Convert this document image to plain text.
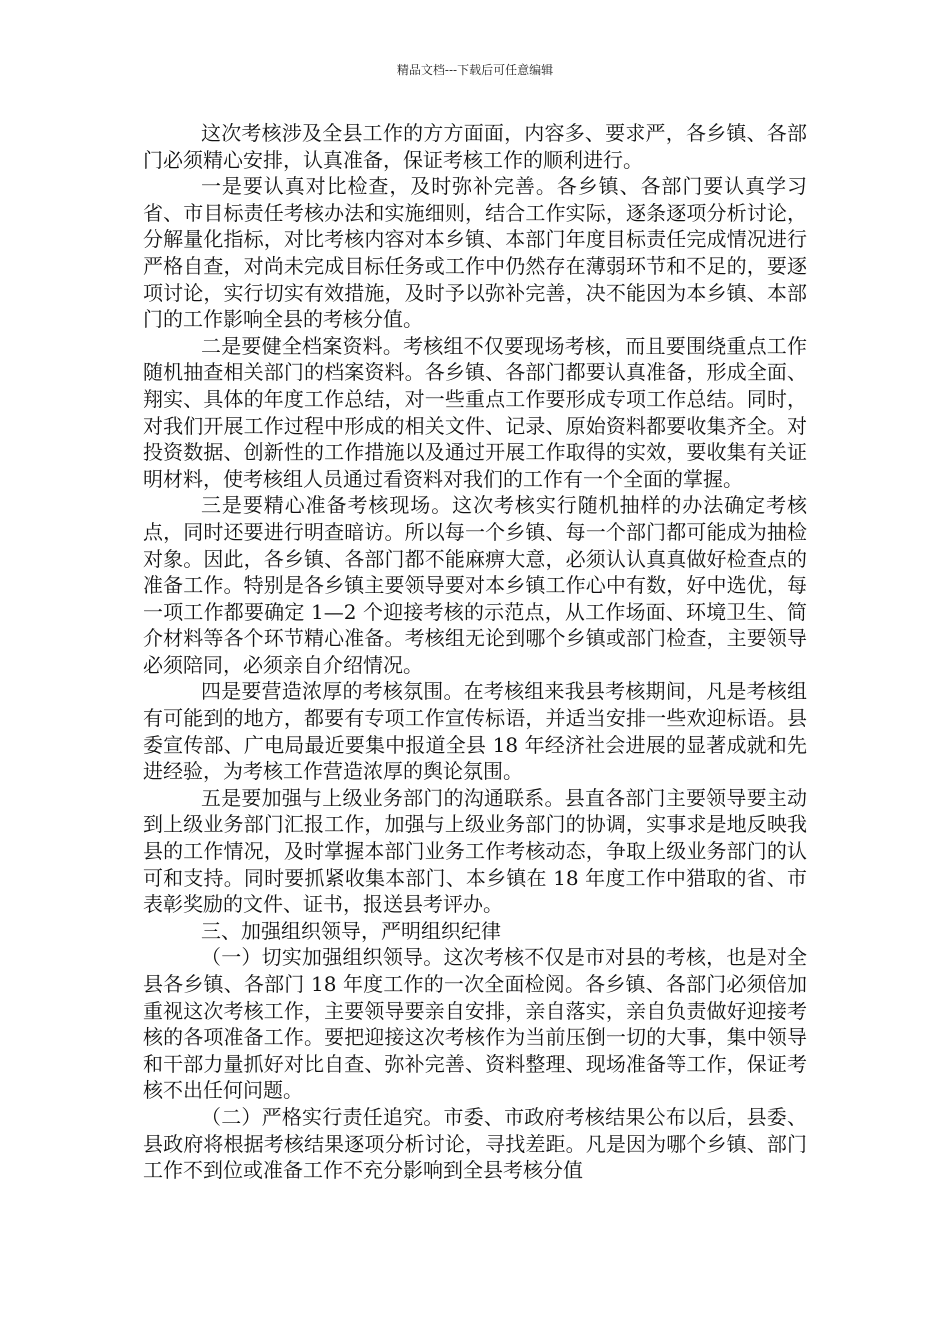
精品文档---下载后可任意编辑

这次考核涉及全县工作的方方面面，内容多、要求严，各乡镇、各部门必须精心安排，认真准备，保证考核工作的顺利进行。

一是要认真对比检查，及时弥补完善。各乡镇、各部门要认真学习省、市目标责任考核办法和实施细则，结合工作实际，逐条逐项分析讨论，分解量化指标，对比考核内容对本乡镇、本部门年度目标责任完成情况进行严格自查，对尚未完成目标任务或工作中仍然存在薄弱环节和不足的，要逐项讨论，实行切实有效措施，及时予以弥补完善，决不能因为本乡镇、本部门的工作影响全县的考核分值。

二是要健全档案资料。考核组不仅要现场考核，而且要围绕重点工作随机抽查相关部门的档案资料。各乡镇、各部门都要认真准备，形成全面、翔实、具体的年度工作总结，对一些重点工作要形成专项工作总结。同时，对我们开展工作过程中形成的相关文件、记录、原始资料都要收集齐全。对投资数据、创新性的工作措施以及通过开展工作取得的实效，要收集有关证明材料，使考核组人员通过看资料对我们的工作有一个全面的掌握。

三是要精心准备考核现场。这次考核实行随机抽样的办法确定考核点，同时还要进行明查暗访。所以每一个乡镇、每一个部门都可能成为抽检对象。因此，各乡镇、各部门都不能麻痹大意，必须认认真真做好检查点的准备工作。特别是各乡镇主要领导要对本乡镇工作心中有数，好中选优，每一项工作都要确定 1—2 个迎接考核的示范点，从工作场面、环境卫生、简介材料等各个环节精心准备。考核组无论到哪个乡镇或部门检查，主要领导必须陪同，必须亲自介绍情况。

四是要营造浓厚的考核氛围。在考核组来我县考核期间，凡是考核组有可能到的地方，都要有专项工作宣传标语，并适当安排一些欢迎标语。县委宣传部、广电局最近要集中报道全县 18 年经济社会进展的显著成就和先进经验，为考核工作营造浓厚的舆论氛围。

五是要加强与上级业务部门的沟通联系。县直各部门主要领导要主动到上级业务部门汇报工作，加强与上级业务部门的协调，实事求是地反映我县的工作情况，及时掌握本部门业务工作考核动态，争取上级业务部门的认可和支持。同时要抓紧收集本部门、本乡镇在 18 年度工作中猎取的省、市表彰奖励的文件、证书，报送县考评办。

三、加强组织领导，严明组织纪律

（一）切实加强组织领导。这次考核不仅是市对县的考核，也是对全县各乡镇、各部门 18 年度工作的一次全面检阅。各乡镇、各部门必须倍加重视这次考核工作，主要领导要亲自安排，亲自落实，亲自负责做好迎接考核的各项准备工作。要把迎接这次考核作为当前压倒一切的大事，集中领导和干部力量抓好对比自查、弥补完善、资料整理、现场准备等工作，保证考核不出任何问题。

（二）严格实行责任追究。市委、市政府考核结果公布以后，县委、县政府将根据考核结果逐项分析讨论，寻找差距。凡是因为哪个乡镇、部门工作不到位或准备工作不充分影响到全县考核分值
